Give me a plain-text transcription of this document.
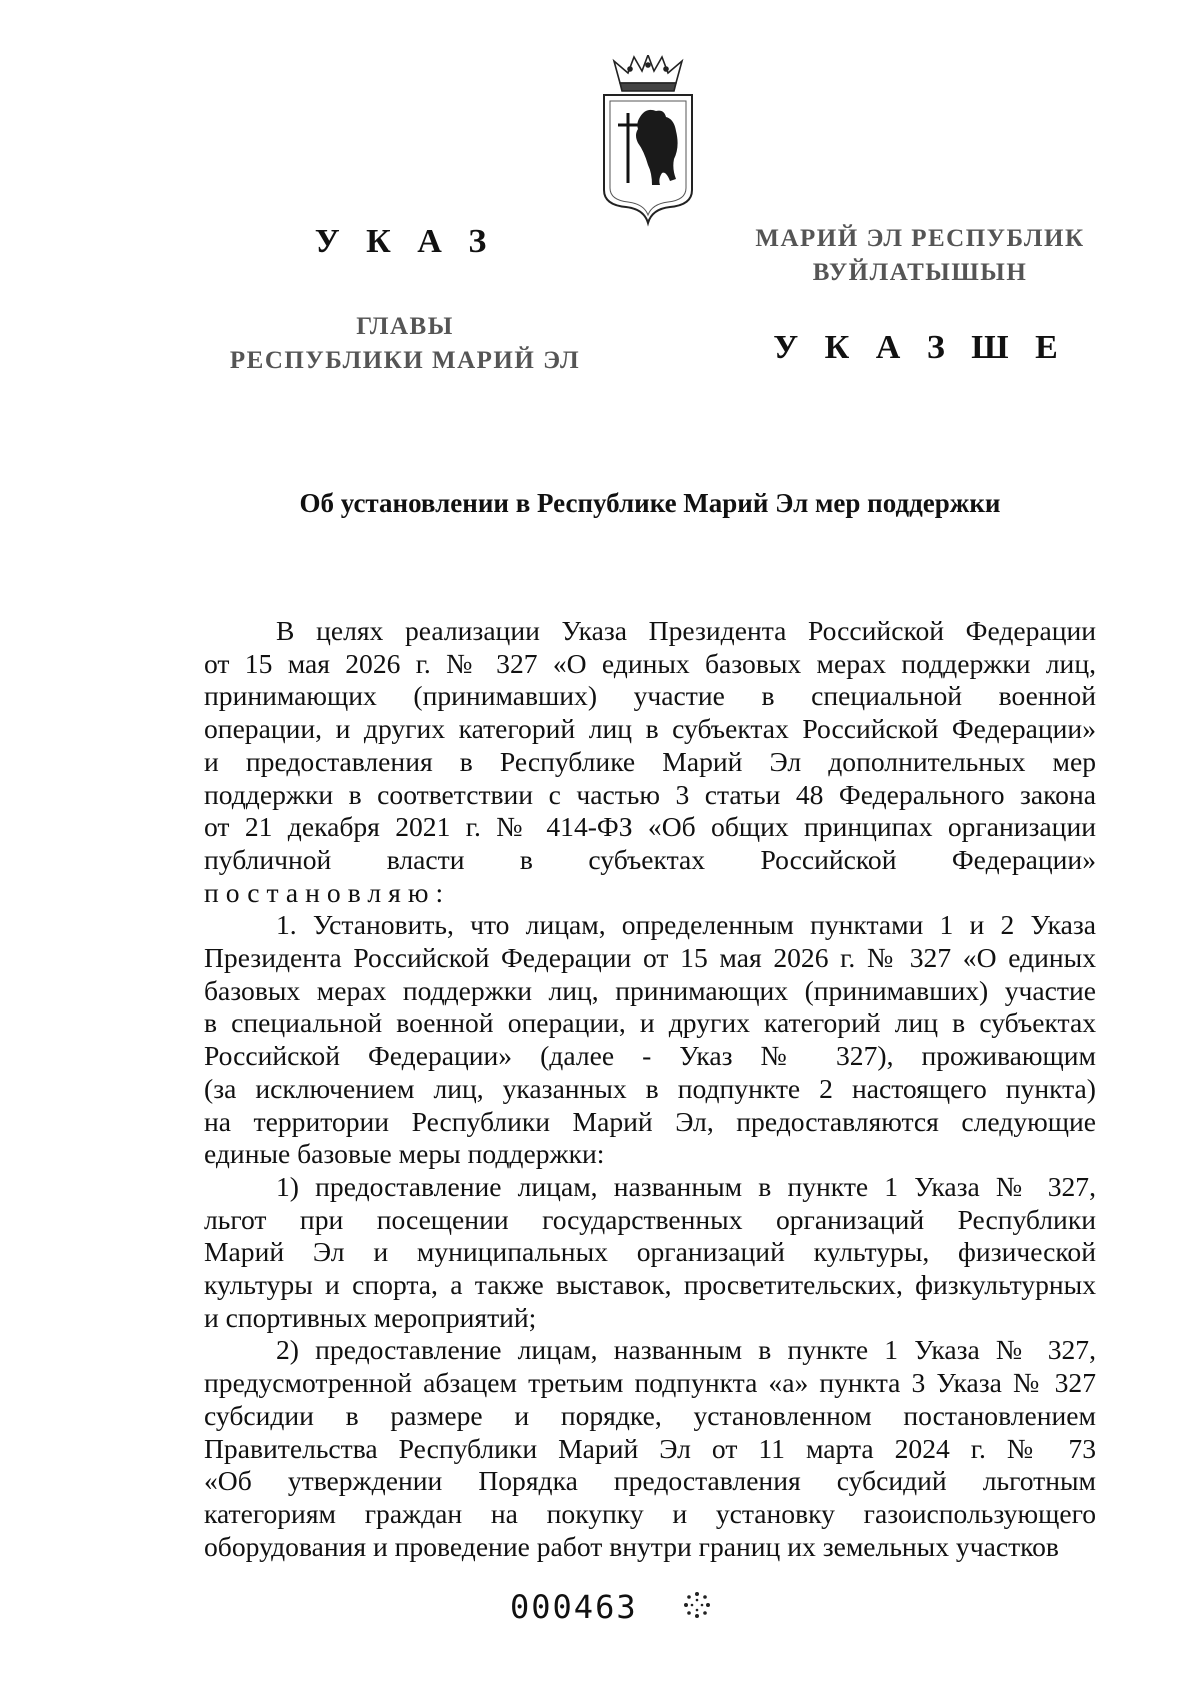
У К А З
ГЛАВЫ
РЕСПУБЛИКИ МАРИЙ ЭЛ
МАРИЙ ЭЛ РЕСПУБЛИК
ВУЙЛАТЫШЫН
У К А З Ш Е
Об установлении в Республике Марий Эл мер поддержки
В целях реализации Указа Президента Российской Федерации
от 15 мая 2026 г. № 327 «О единых базовых мерах поддержки лиц,
принимающих (принимавших) участие в специальной военной
операции, и других категорий лиц в субъектах Российской Федерации»
и предоставления в Республике Марий Эл дополнительных мер
поддержки в соответствии с частью 3 статьи 48 Федерального закона
от 21 декабря 2021 г. № 414-ФЗ «Об общих принципах организации
публичной власти в субъектах Российской Федерации»
постановляю:
1. Установить, что лицам, определенным пунктами 1 и 2 Указа
Президента Российской Федерации от 15 мая 2026 г. № 327 «О единых
базовых мерах поддержки лиц, принимающих (принимавших) участие
в специальной военной операции, и других категорий лиц в субъектах
Российской Федерации» (далее - Указ № 327), проживающим
(за исключением лиц, указанных в подпункте 2 настоящего пункта)
на территории Республики Марий Эл, предоставляются следующие
единые базовые меры поддержки:
1) предоставление лицам, названным в пункте 1 Указа № 327,
льгот при посещении государственных организаций Республики
Марий Эл и муниципальных организаций культуры, физической
культуры и спорта, а также выставок, просветительских, физкультурных
и спортивных мероприятий;
2) предоставление лицам, названным в пункте 1 Указа № 327,
предусмотренной абзацем третьим подпункта «а» пункта 3 Указа № 327
субсидии в размере и порядке, установленном постановлением
Правительства Республики Марий Эл от 11 марта 2024 г. № 73
«Об утверждении Порядка предоставления субсидий льготным
категориям граждан на покупку и установку газоиспользующего
оборудования и проведение работ внутри границ их земельных участков
000463
